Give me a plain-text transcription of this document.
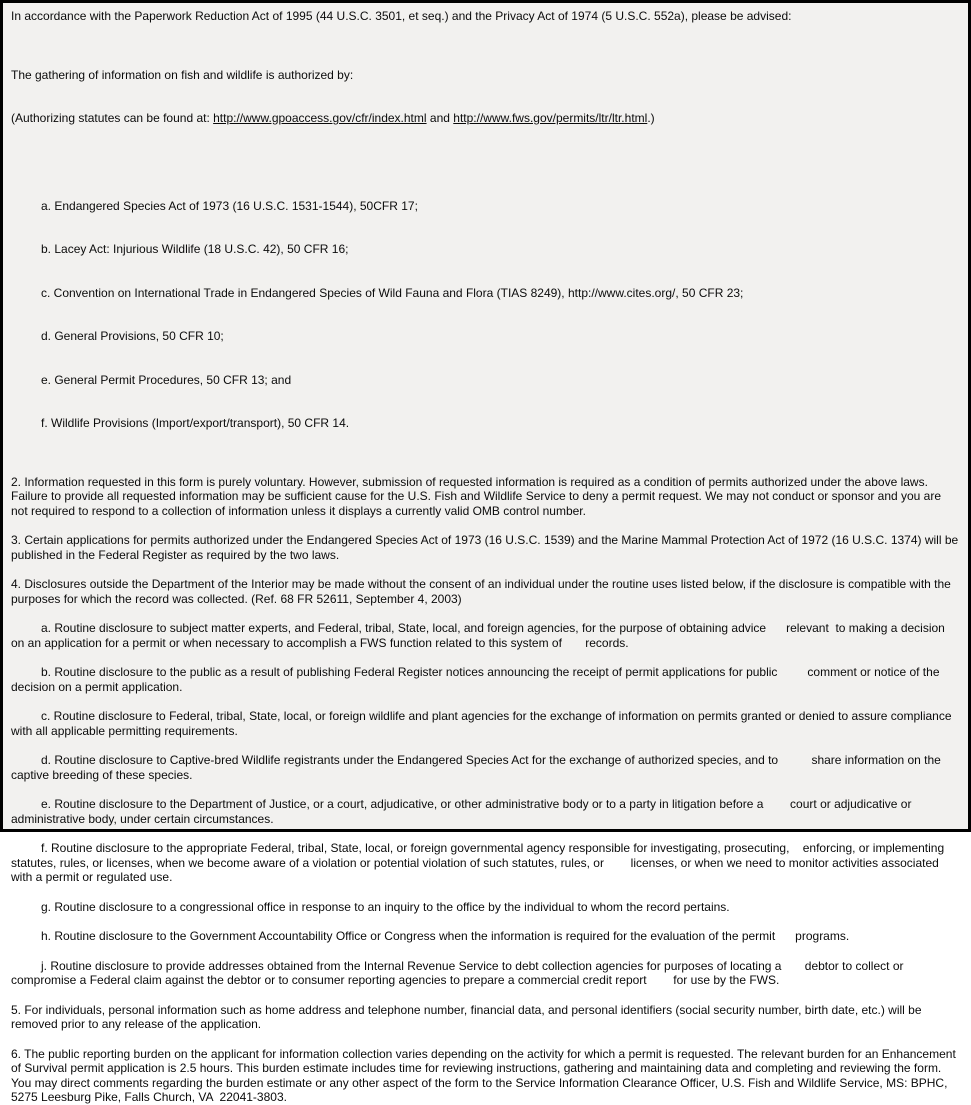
In accordance with the Paperwork Reduction Act of 1995 (44 U.S.C. 3501, et seq.) and the Privacy Act of 1974 (5 U.S.C. 552a), please be advised:

The gathering of information on fish and wildlife is authorized by:

(Authorizing statutes can be found at: http://www.gpoaccess.gov/cfr/index.html and http://www.fws.gov/permits/ltr/ltr.html.)

a. Endangered Species Act of 1973 (16 U.S.C. 1531-1544), 50CFR 17;

b. Lacey Act: Injurious Wildlife (18 U.S.C. 42), 50 CFR 16;

c. Convention on International Trade in Endangered Species of Wild Fauna and Flora (TIAS 8249), http://www.cites.org/, 50 CFR 23;

d. General Provisions, 50 CFR 10;

e. General Permit Procedures, 50 CFR 13; and

f. Wildlife Provisions (Import/export/transport), 50 CFR 14.

2. Information requested in this form is purely voluntary. However, submission of requested information is required as a condition of permits authorized under the above laws. Failure to provide all requested information may be sufficient cause for the U.S. Fish and Wildlife Service to deny a permit request. We may not conduct or sponsor and you are not required to respond to a collection of information unless it displays a currently valid OMB control number.

3. Certain applications for permits authorized under the Endangered Species Act of 1973 (16 U.S.C. 1539) and the Marine Mammal Protection Act of 1972 (16 U.S.C. 1374) will be published in the Federal Register as required by the two laws.

4. Disclosures outside the Department of the Interior may be made without the consent of an individual under the routine uses listed below, if the disclosure is compatible with the purposes for which the record was collected. (Ref. 68 FR 52611, September 4, 2003)

a. Routine disclosure to subject matter experts, and Federal, tribal, State, local, and foreign agencies, for the purpose of obtaining advice      relevant  to making a decision on an application for a permit or when necessary to accomplish a FWS function related to this system of       records.

b. Routine disclosure to the public as a result of publishing Federal Register notices announcing the receipt of permit applications for public         comment or notice of the decision on a permit application.

c. Routine disclosure to Federal, tribal, State, local, or foreign wildlife and plant agencies for the exchange of information on permits granted or denied to assure compliance with all applicable permitting requirements.

d. Routine disclosure to Captive-bred Wildlife registrants under the Endangered Species Act for the exchange of authorized species, and to          share information on the captive breeding of these species.

e. Routine disclosure to the Department of Justice, or a court, adjudicative, or other administrative body or to a party in litigation before a        court or adjudicative or administrative body, under certain circumstances.

f. Routine disclosure to the appropriate Federal, tribal, State, local, or foreign governmental agency responsible for investigating, prosecuting,    enforcing, or implementing statutes, rules, or licenses, when we become aware of a violation or potential violation of such statutes, rules, or        licenses, or when we need to monitor activities associated with a permit or regulated use.

g. Routine disclosure to a congressional office in response to an inquiry to the office by the individual to whom the record pertains.

h. Routine disclosure to the Government Accountability Office or Congress when the information is required for the evaluation of the permit      programs.

j. Routine disclosure to provide addresses obtained from the Internal Revenue Service to debt collection agencies for purposes of locating a       debtor to collect or compromise a Federal claim against the debtor or to consumer reporting agencies to prepare a commercial credit report        for use by the FWS.

5. For individuals, personal information such as home address and telephone number, financial data, and personal identifiers (social security number, birth date, etc.) will be removed prior to any release of the application.

6. The public reporting burden on the applicant for information collection varies depending on the activity for which a permit is requested. The relevant burden for an Enhancement of Survival permit application is 2.5 hours. This burden estimate includes time for reviewing instructions, gathering and maintaining data and completing and reviewing the form. You may direct comments regarding the burden estimate or any other aspect of the form to the Service Information Clearance Officer, U.S. Fish and Wildlife Service, MS: BPHC, 5275 Leesburg Pike, Falls Church, VA  22041-3803.
